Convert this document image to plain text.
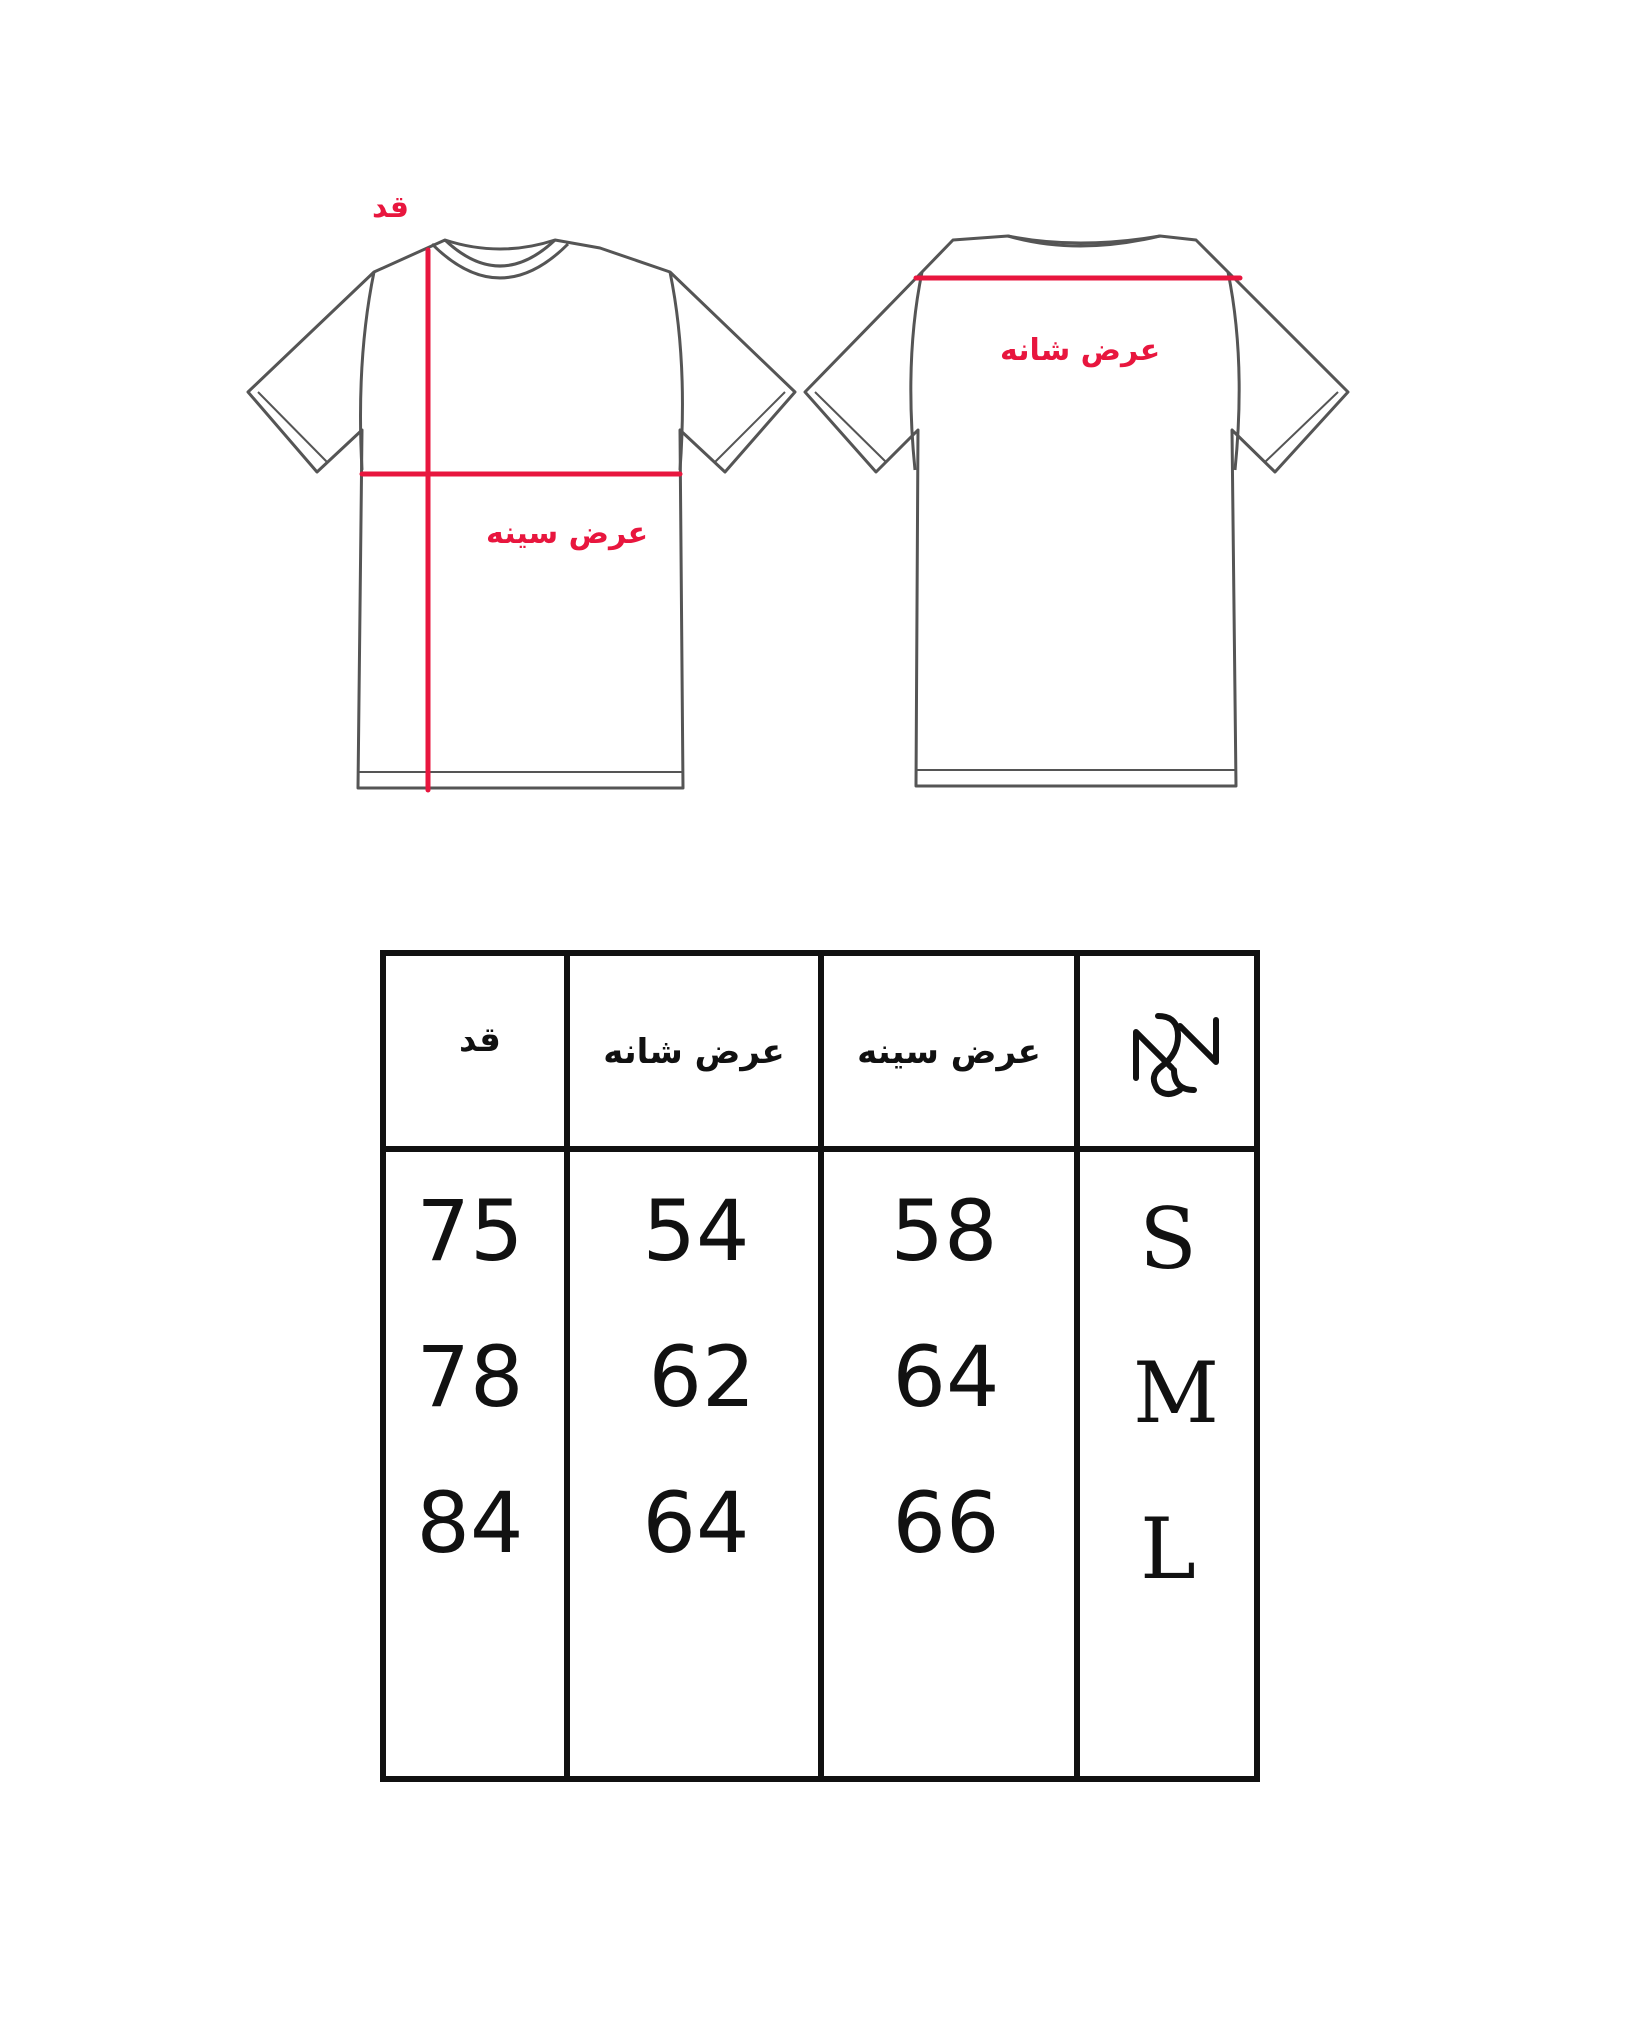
قد
عرض سینه
عرض شانه
قد	عرض شانه	عرض سینه
75
78
84
54
62
64
58
64
66
S
M
L
